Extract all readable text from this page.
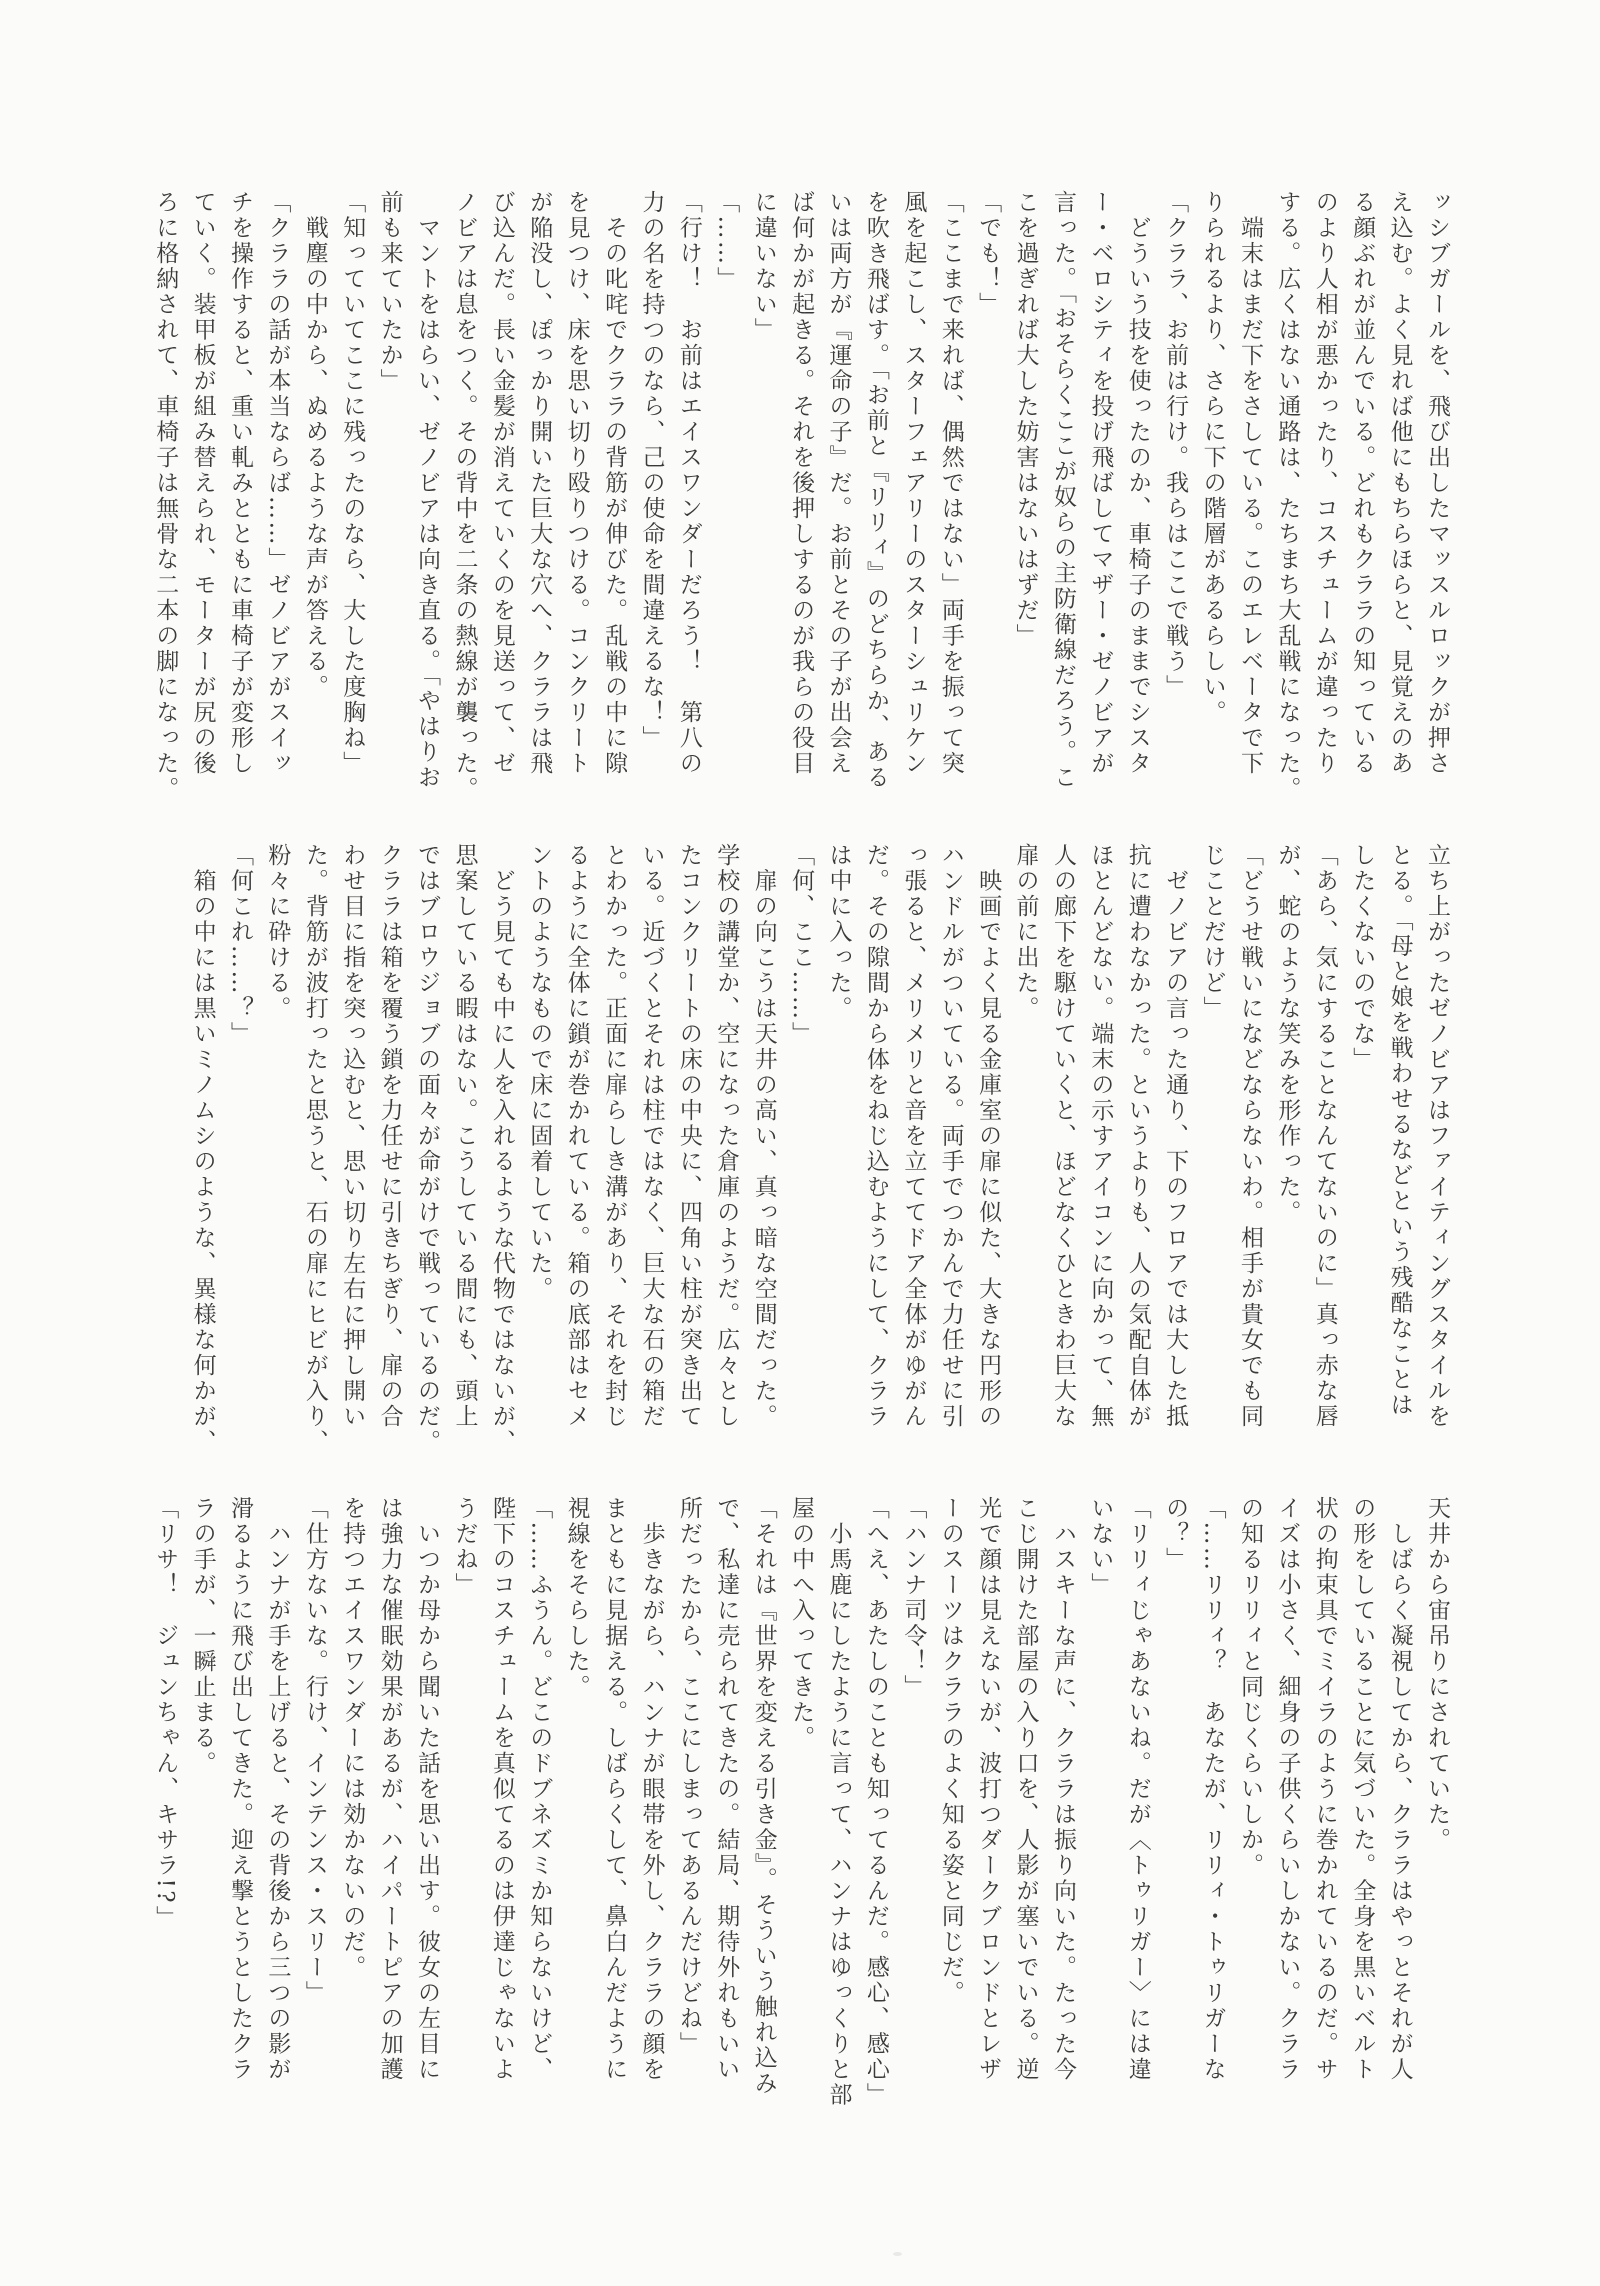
ッシブガールを、飛び出したマッスルロックが押さ
え込む。よく見れば他にもちらほらと、見覚えのあ
る顔ぶれが並んでいる。どれもクララの知っている
のより人相が悪かったり、コスチュームが違ったり
する。広くはない通路は、たちまち大乱戦になった。
　端末はまだ下をさしている。このエレベータで下
りられるより、さらに下の階層があるらしい。
「クララ、お前は行け。我らはここで戦う」
　どういう技を使ったのか、車椅子のままでシスタ
ー・ベロシティを投げ飛ばしてマザー・ゼノビアが
言った。「おそらくここが奴らの主防衛線だろう。こ
こを過ぎれば大した妨害はないはずだ」
「でも！」
「ここまで来れば、偶然ではない」両手を振って突
風を起こし、スターフェアリーのスターシュリケン
を吹き飛ばす。「お前と『リリィ』のどちらか、ある
いは両方が『運命の子』だ。お前とその子が出会え
ば何かが起きる。それを後押しするのが我らの役目
に違いない」
「……」
「行け！　お前はエイスワンダーだろう！　第八の
力の名を持つのなら、己の使命を間違えるな！」
　その叱咤でクララの背筋が伸びた。乱戦の中に隙
を見つけ、床を思い切り殴りつける。コンクリート
が陥没し、ぽっかり開いた巨大な穴へ、クララは飛
び込んだ。長い金髪が消えていくのを見送って、ゼ
ノビアは息をつく。その背中を二条の熱線が襲った。
　マントをはらい、ゼノビアは向き直る。「やはりお
前も来ていたか」
「知っていてここに残ったのなら、大した度胸ね」
　戦塵の中から、ぬめるような声が答える。
「クララの話が本当ならば……」ゼノビアがスイッ
チを操作すると、重い軋みとともに車椅子が変形し
ていく。装甲板が組み替えられ、モーターが尻の後
ろに格納されて、車椅子は無骨な二本の脚になった。
立ち上がったゼノビアはファイティングスタイルを
とる。「母と娘を戦わせるなどという残酷なことは
したくないのでな」
「あら、気にすることなんてないのに」真っ赤な唇
が、蛇のような笑みを形作った。
「どうせ戦いになどならないわ。相手が貴女でも同
じことだけど」
　ゼノビアの言った通り、下のフロアでは大した抵
抗に遭わなかった。というよりも、人の気配自体が
ほとんどない。端末の示すアイコンに向かって、無
人の廊下を駆けていくと、ほどなくひときわ巨大な
扉の前に出た。
　映画でよく見る金庫室の扉に似た、大きな円形の
ハンドルがついている。両手でつかんで力任せに引
っ張ると、メリメリと音を立ててドア全体がゆがん
だ。その隙間から体をねじ込むようにして、クララ
は中に入った。
「何、ここ……」
　扉の向こうは天井の高い、真っ暗な空間だった。
学校の講堂か、空になった倉庫のようだ。広々とし
たコンクリートの床の中央に、四角い柱が突き出て
いる。近づくとそれは柱ではなく、巨大な石の箱だ
とわかった。正面に扉らしき溝があり、それを封じ
るように全体に鎖が巻かれている。箱の底部はセメ
ントのようなもので床に固着していた。
　どう見ても中に人を入れるような代物ではないが、
思案している暇はない。こうしている間にも、頭上
ではブロウジョブの面々が命がけで戦っているのだ。
クララは箱を覆う鎖を力任せに引きちぎり、扉の合
わせ目に指を突っ込むと、思い切り左右に押し開い
た。背筋が波打ったと思うと、石の扉にヒビが入り、
粉々に砕ける。
「何これ……？」
　箱の中には黒いミノムシのような、異様な何かが、
天井から宙吊りにされていた。
　しばらく凝視してから、クララはやっとそれが人
の形をしていることに気づいた。全身を黒いベルト
状の拘束具でミイラのように巻かれているのだ。サ
イズは小さく、細身の子供くらいしかない。クララ
の知るリリィと同じくらいしか。
「……リリィ？　あなたが、リリィ・トゥリガーな
の？」
「リリィじゃあないね。だが〈トゥリガー〉には違
いない」
　ハスキーな声に、クララは振り向いた。たった今
こじ開けた部屋の入り口を、人影が塞いでいる。逆
光で顔は見えないが、波打つダークブロンドとレザ
ーのスーツはクララのよく知る姿と同じだ。
「ハンナ司令！」
「へえ、あたしのことも知ってるんだ。感心、感心」
　小馬鹿にしたように言って、ハンナはゆっくりと部
屋の中へ入ってきた。
「それは『世界を変える引き金』。そういう触れ込み
で、私達に売られてきたの。結局、期待外れもいい
所だったから、ここにしまってあるんだけどね」
　歩きながら、ハンナが眼帯を外し、クララの顔を
まともに見据える。しばらくして、鼻白んだように
視線をそらした。
「……ふうん。どこのドブネズミか知らないけど、
陛下のコスチュームを真似てるのは伊達じゃないよ
うだね」
　いつか母から聞いた話を思い出す。彼女の左目に
は強力な催眠効果があるが、ハイパートピアの加護
を持つエイスワンダーには効かないのだ。
「仕方ないな。行け、インテンス・スリー」
　ハンナが手を上げると、その背後から三つの影が
滑るように飛び出してきた。迎え撃とうとしたクラ
ラの手が、一瞬止まる。
「リサ！　ジュンちゃん、キサラ!?」
